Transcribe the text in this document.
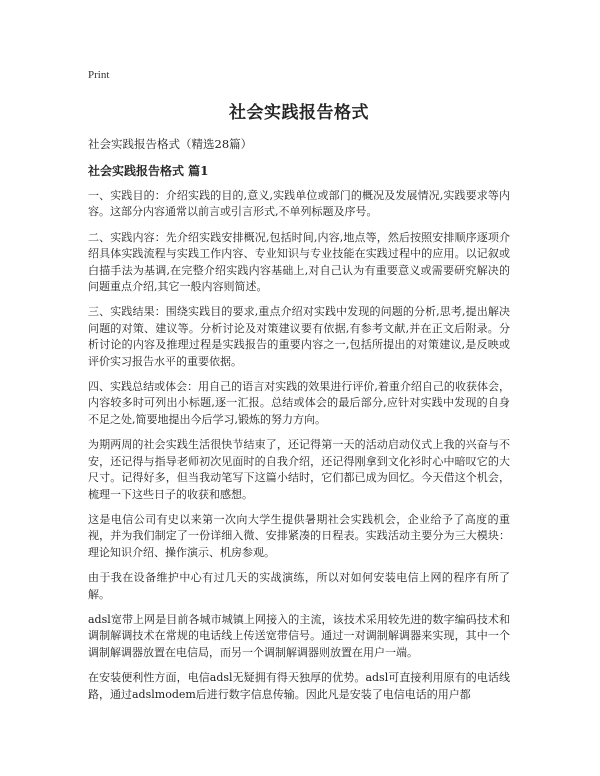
Print
社会实践报告格式
社会实践报告格式（精选28篇）
社会实践报告格式 篇1

一、实践目的：介绍实践的目的,意义,实践单位或部门的概况及发展情况,实践要求等内容。这部分内容通常以前言或引言形式,不单列标题及序号。

二、实践内容：先介绍实践安排概况,包括时间,内容,地点等，然后按照安排顺序逐项介绍具体实践流程与实践工作内容、专业知识与专业技能在实践过程中的应用。以记叙或白描手法为基调,在完整介绍实践内容基础上,对自己认为有重要意义或需要研究解决的问题重点介绍,其它一般内容则简述。

三、实践结果：围绕实践目的要求,重点介绍对实践中发现的问题的分析,思考,提出解决问题的对策、建议等。分析讨论及对策建议要有依据,有参考文献,并在正文后附录。分析讨论的内容及推理过程是实践报告的重要内容之一,包括所提出的对策建议,是反映或评价实习报告水平的重要依据。

四、实践总结或体会：用自己的语言对实践的效果进行评价,着重介绍自己的收获体会，内容较多时可列出小标题,逐一汇报。总结或体会的最后部分,应针对实践中发现的自身不足之处,简要地提出今后学习,锻炼的努力方向。

为期两周的社会实践生活很快节结束了，还记得第一天的活动启动仪式上我的兴奋与不安，还记得与指导老师初次见面时的自我介绍，还记得刚拿到文化衫时心中暗叹它的大尺寸。记得好多，但当我动笔写下这篇小结时，它们都已成为回忆。今天借这个机会，梳理一下这些日子的收获和感想。

这是电信公司有史以来第一次向大学生提供暑期社会实践机会，企业给予了高度的重视，并为我们制定了一份详细入微、安排紧凑的日程表。实践活动主要分为三大模块：理论知识介绍、操作演示、机房参观。

由于我在设备维护中心有过几天的实战演练，所以对如何安装电信上网的程序有所了解。

adsl宽带上网是目前各城市城镇上网接入的主流，该技术采用较先进的数字编码技术和调制解调技术在常规的电话线上传送宽带信号。通过一对调制解调器来实现，其中一个调制解调器放置在电信局，而另一个调制解调器则放置在用户一端。

在安装便利性方面，电信adsl无疑拥有得天独厚的优势。adsl可直接利用原有的电话线路，通过adslmodem后进行数字信息传输。因此凡是安装了电信电话的用户都
